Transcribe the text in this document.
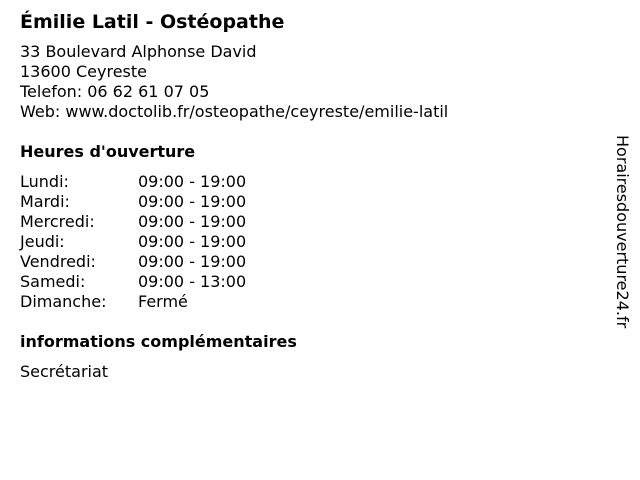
Émilie Latil - Ostéopathe
33 Boulevard Alphonse David
13600 Ceyreste
Telefon: 06 62 61 07 05
Web: www.doctolib.fr/osteopathe/ceyreste/emilie-latil
Heures d'ouverture
Lundi:	09:00 - 19:00
Mardi:	09:00 - 19:00
Mercredi:	09:00 - 19:00
Jeudi:	09:00 - 19:00
Vendredi:	09:00 - 19:00
Samedi:	09:00 - 13:00
Dimanche:	Fermé
informations complémentaires
Secrétariat
Horairesdouverture24.fr
